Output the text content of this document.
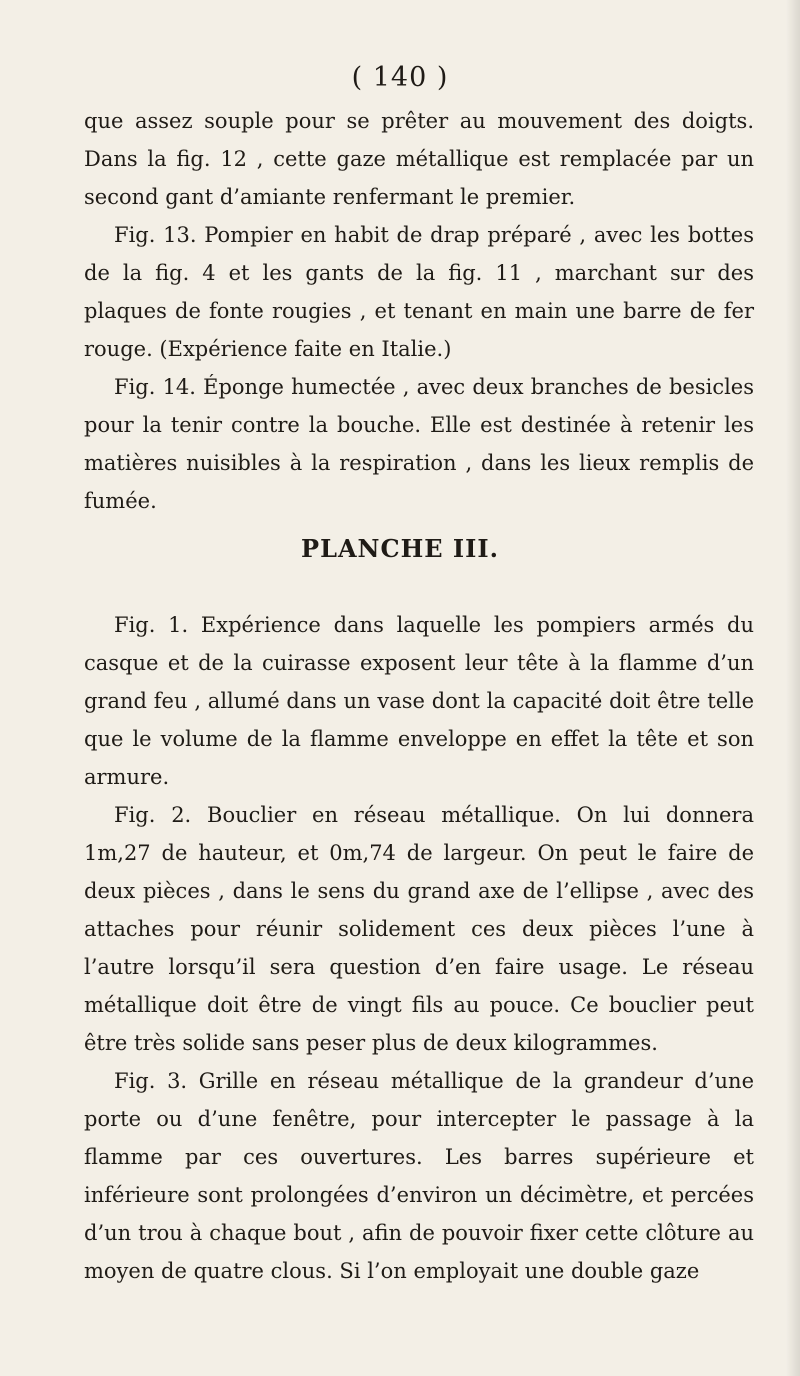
( 140 )

que assez souple pour se prêter au mouvement des doigts. Dans la fig. 12 , cette gaze métallique est remplacée par un second gant d’amiante renfermant le premier.

Fig. 13. Pompier en habit de drap préparé , avec les bottes de la fig. 4 et les gants de la fig. 11 , marchant sur des plaques de fonte rougies , et tenant en main une barre de fer rouge. (Expérience faite en Italie.)

Fig. 14. Éponge humectée , avec deux branches de besicles pour la tenir contre la bouche. Elle est destinée à retenir les matières nuisibles à la respiration , dans les lieux remplis de fumée.

PLANCHE III.

Fig. 1. Expérience dans laquelle les pompiers armés du casque et de la cuirasse exposent leur tête à la flamme d’un grand feu , allumé dans un vase dont la capacité doit être telle que le volume de la flamme enveloppe en effet la tête et son armure.

Fig. 2. Bouclier en réseau métallique. On lui donnera 1m,27 de hauteur, et 0m,74 de largeur. On peut le faire de deux pièces , dans le sens du grand axe de l’ellipse , avec des attaches pour réunir solidement ces deux pièces l’une à l’autre lorsqu’il sera question d’en faire usage. Le réseau métallique doit être de vingt fils au pouce. Ce bouclier peut être très solide sans peser plus de deux kilogrammes.

Fig. 3. Grille en réseau métallique de la grandeur d’une porte ou d’une fenêtre, pour intercepter le passage à la flamme par ces ouvertures. Les barres supérieure et inférieure sont prolongées d’environ un décimètre, et percées d’un trou à chaque bout , afin de pouvoir fixer cette clôture au moyen de quatre clous. Si l’on employait une double gaze
